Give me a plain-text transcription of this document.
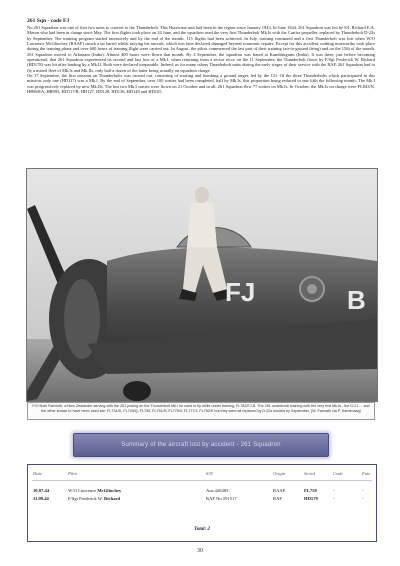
261 Sqn - code FJ

No.261 Squadron was one of first two units to convert to the Thunderbolt. This Hurricane unit had been in the region since January 1943. In June 1944, 261 Squadron was led by S/L Richard E.A. Mason who had been in charge since May. The first flights took place on 24 June, and the squadron used the very first Thunderbolt Mk.Is with the Curtiss propeller, replaced by Thunderbolt D-22s by September. The training program started intensively and by the end of the month, 115 flights had been achieved. In July, training continued and a first Thunderbolt was lost when W/O Lawrence McGlinchey (RAAF) struck a tar barrel whilst taxying his aircraft, which was later declared damaged beyond economic repairs. Except for this accident, nothing noteworthy took place during the training phase and over 600 hours of training flight were carried out. In August, the pilots commenced the last part of their training (air-to-ground firing) and on the 15th of the month, 261 Squadron moved to Arkonam (India). Almost 400 hours were flown that month. By 2 September, the squadron was based at Kumbhirgram (India). It was there, just before becoming operational, that 261 Squadron experienced its second and last loss of a Mk.I, when returning from a sector recce on the 11 September, the Thunderbolt flown by F/Sgt Frederick W. Richard (HD178) was hit after landing by a Mk.II. Both were declared irreparable. Indeed, as for many others Thunderbolt units during the early stages of their service with the RAF, 261 Squadron had to fly a mixed fleet of Mk.Is and Mk.IIs, only half a dozen of the latter being actually on squadron charge.

On 17 September, the first mission on Thunderbolts was carried out, consisting of strafing and bombing a ground target, led by the CO. Of the three Thunderbolts which participated in this mission, only one (HD117) was a Mk.I. By the end of September, over 100 sorties had been completed, half by Mk.Is, this proportion being reduced to one fifth the following month. The Mk.I was progressively replaced by new Mk.IIs. The last two Mk.I sorties were flown on 21 October and in all, 261 Squadron flew 77 sorties on Mk.Is. In October, the Mk.Is on charge were FL843/N, HB968/A, HB993, HD117/B, HD127, HD128, HD136, HD149 and HD165.

FJ	B
F/O Noel Fairclotb, a New Zealander serving with the 261 posing on the Thunderbolt Mk.I he used to fly while under training, FL782/FJ-B. The 261 underbook training with the very first Mk.Is - the D-21 ... and the other known to have been used are: FL734/D, FL749/Q, FL755, FL751/H, FL775/V, FL777/J, FL782/K but they were all replaced by D-22s models by September. (W. Fairoath via P. Sarbimaag)
Summary of the aircraft lost by accident - 261 Squadron
Date	Pilot	S/N	Origin	Serial	Code	Fate
10.07.44	W/O Lawrence McGlinchey	Aus.420483	RAAF	FL750	-	-
11.09.44	F/Sgt Frederick W. Richard	RAF No.591517	RAF	HD178	-	-
Total: 2
30
